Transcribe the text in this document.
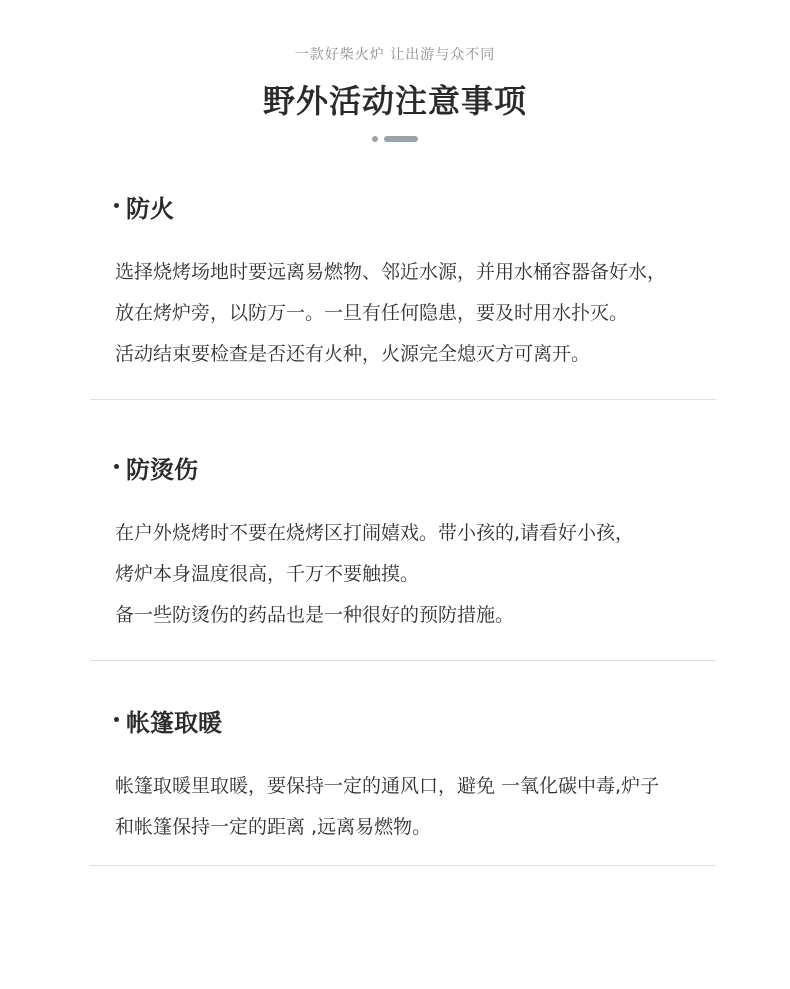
一款好柴火炉 让出游与众不同
野外活动注意事项
防火
选择烧烤场地时要远离易燃物、邻近水源，并用水桶容器备好水，
放在烤炉旁，以防万一。一旦有任何隐患，要及时用水扑灭。
活动结束要检查是否还有火种，火源完全熄灭方可离开。
防烫伤
在户外烧烤时不要在烧烤区打闹嬉戏。带小孩的,请看好小孩，
烤炉本身温度很高，千万不要触摸。
备一些防烫伤的药品也是一种很好的预防措施。
帐篷取暖
帐篷取暖里取暖，要保持一定的通风口，避免 一氧化碳中毒,炉子
和帐篷保持一定的距离 ,远离易燃物。
